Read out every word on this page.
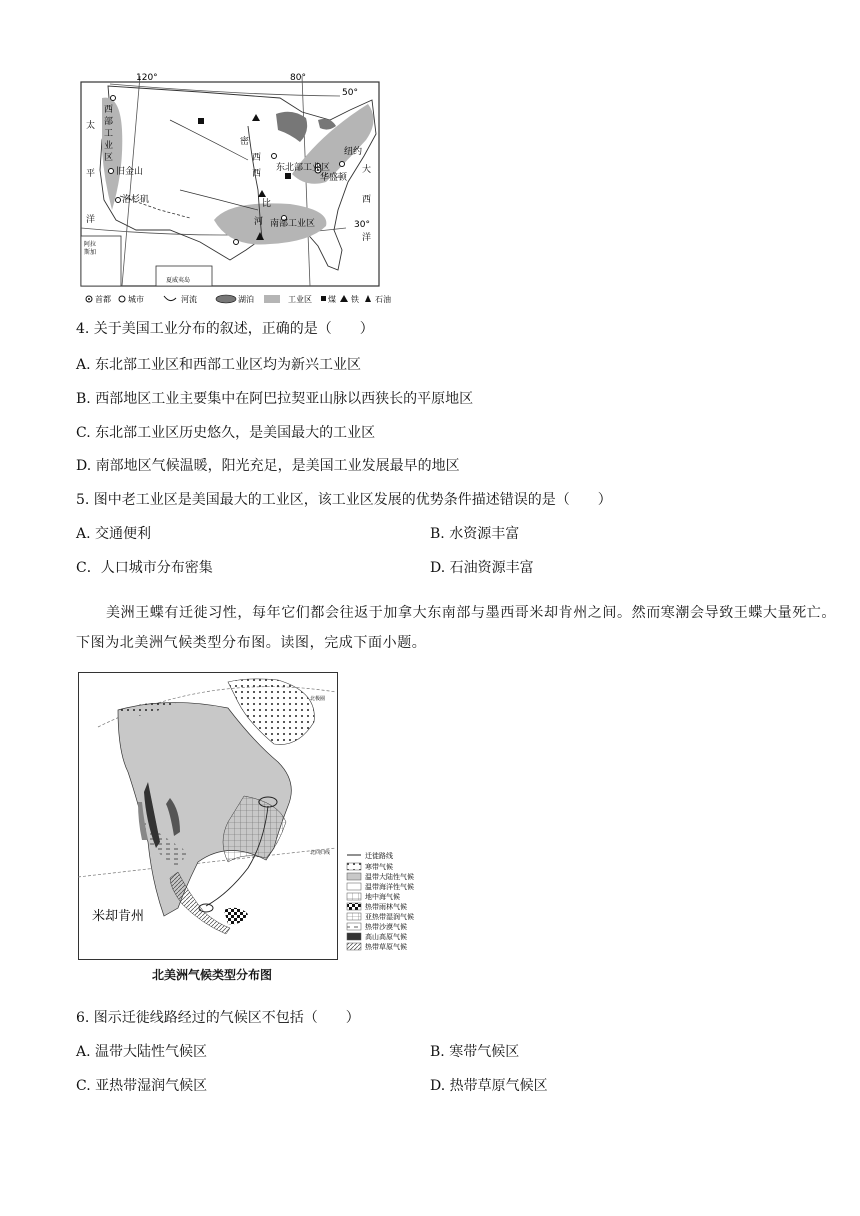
120°	80°
50°
30°
西
部
工
业
区
太
平
洋
大
西
洋
密
西
西
比
河
东北部工业区
南部工业区
旧金山
洛杉矶
纽约
华盛顿
阿拉
斯加
夏威夷岛
首都 城市	河流	湖泊	工业区 煤 铁 石油
4. 关于美国工业分布的叙述，正确的是（　　）
A. 东北部工业区和西部工业区均为新兴工业区
B. 西部地区工业主要集中在阿巴拉契亚山脉以西狭长的平原地区
C. 东北部工业区历史悠久，是美国最大的工业区
D. 南部地区气候温暖，阳光充足，是美国工业发展最早的地区
5. 图中老工业区是美国最大的工业区，该工业区发展的优势条件描述错误的是（　　）
A. 交通便利	B. 水资源丰富
C．人口城市分布密集	D. 石油资源丰富
美洲王蝶有迁徙习性，每年它们都会往返于加拿大东南部与墨西哥米却肯州之间。然而寒潮会导致王蝶大量死亡。下图为北美洲气候类型分布图。读图，完成下面小题。
米却肯州
北极圈
北回归线
北美洲气候类型分布图
迁徙路线
寒带气候
温带大陆性气候
温带海洋性气候
地中海气候
热带雨林气候
亚热带湿润气候
热带沙漠气候
高山高原气候
热带草原气候
6. 图示迁徙线路经过的气候区不包括（　　）
A. 温带大陆性气候区	B. 寒带气候区
C. 亚热带湿润气候区	D. 热带草原气候区
